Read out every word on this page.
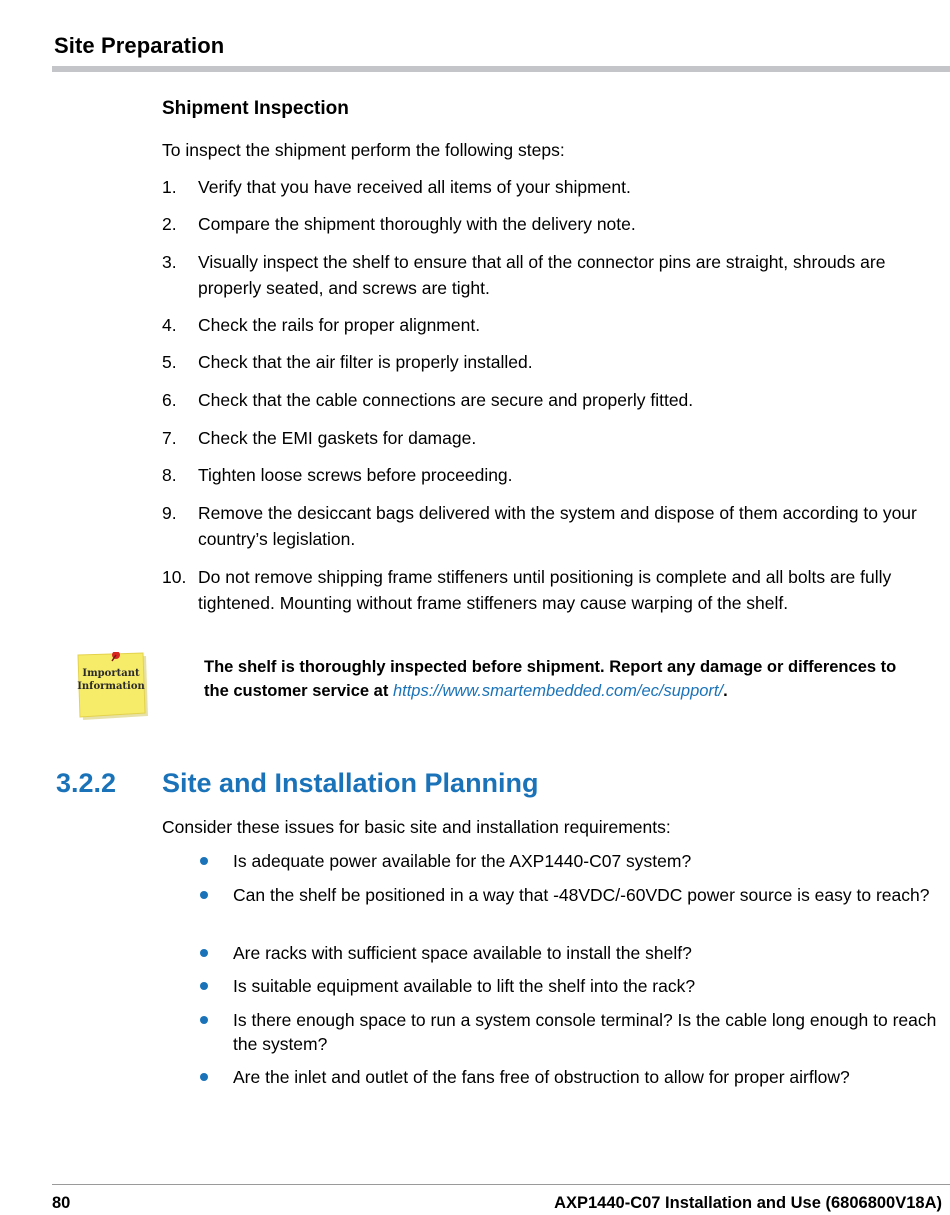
Site Preparation
Shipment Inspection
To inspect the shipment perform the following steps:
1. Verify that you have received all items of your shipment.
2. Compare the shipment thoroughly with the delivery note.
3. Visually inspect the shelf to ensure that all of the connector pins are straight, shrouds are properly seated, and screws are tight.
4. Check the rails for proper alignment.
5. Check that the air filter is properly installed.
6. Check that the cable connections are secure and properly fitted.
7. Check the EMI gaskets for damage.
8. Tighten loose screws before proceeding.
9. Remove the desiccant bags delivered with the system and dispose of them according to your country’s legislation.
10. Do not remove shipping frame stiffeners until positioning is complete and all bolts are fully tightened. Mounting without frame stiffeners may cause warping of the shelf.
Important
Information
The shelf is thoroughly inspected before shipment. Report any damage or differences to the customer service at https://www.smartembedded.com/ec/support/.
3.2.2 Site and Installation Planning
Consider these issues for basic site and installation requirements:
Is adequate power available for the AXP1440-C07 system?
Can the shelf be positioned in a way that -48VDC/-60VDC power source is easy to reach?
Are racks with sufficient space available to install the shelf?
Is suitable equipment available to lift the shelf into the rack?
Is there enough space to run a system console terminal? Is the cable long enough to reach the system?
Are the inlet and outlet of the fans free of obstruction to allow for proper airflow?
80	AXP1440-C07 Installation and Use (6806800V18A)
